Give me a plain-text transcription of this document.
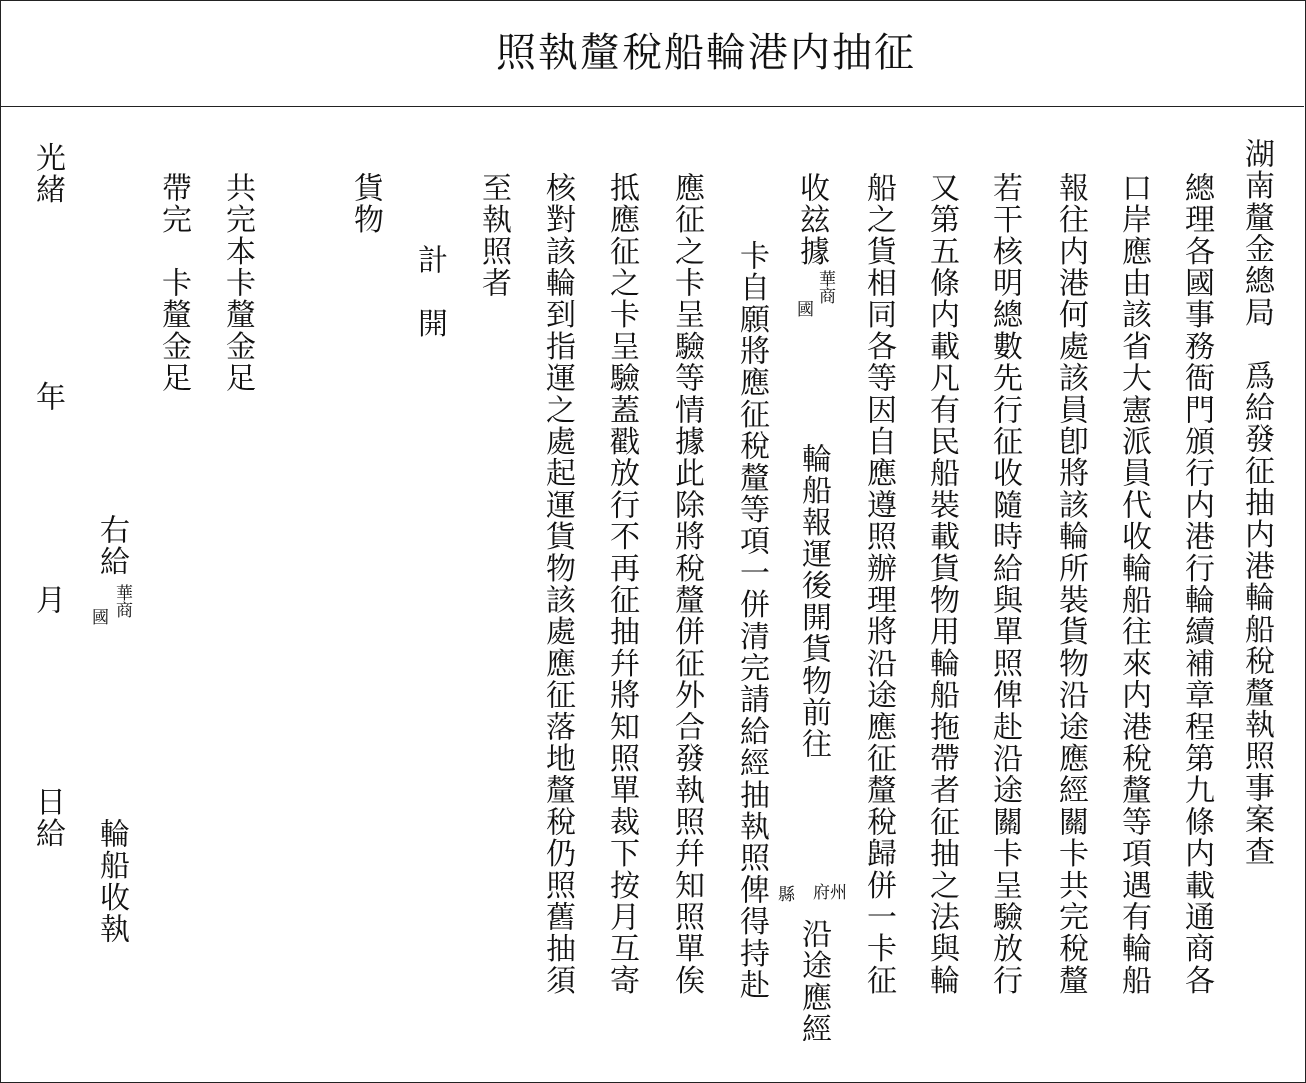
照執釐稅船輪港内抽征
湖南釐金總局　爲給發征抽内港輪船稅釐執照事案查
總理各國事務衙門頒行内港行輪續補章程第九條内載通商各
口岸應由該省大憲派員代收輪船往來内港稅釐等項遇有輪船
報往内港何處該員卽將該輪所裝貨物沿途應經關卡共完稅釐
若干核明總數先行征收隨時給與單照俾赴沿途關卡呈驗放行
又第五條内載凡有民船裝載貨物用輪船拖帶者征抽之法與輪
船之貨相同各等因自應遵照辦理將沿途應征釐稅歸併一卡征
收玆據
華商
國
輪船報運後開貨物前往
縣 府州
沿途應經
卡自願將應征稅釐等項一併清完請給經抽執照俾得持赴
應征之卡呈驗等情據此除將稅釐併征外合發執照幷知照單俟
抵應征之卡呈驗蓋戳放行不再征抽幷將知照單裁下按月互寄
核對該輪到指運之處起運貨物該處應征落地釐稅仍照舊抽須
至執照者
計　開
貨物
共完本卡釐金足
帶完　卡釐金足
右給
華商
國
輪船收執
光緒
年
月
日給
